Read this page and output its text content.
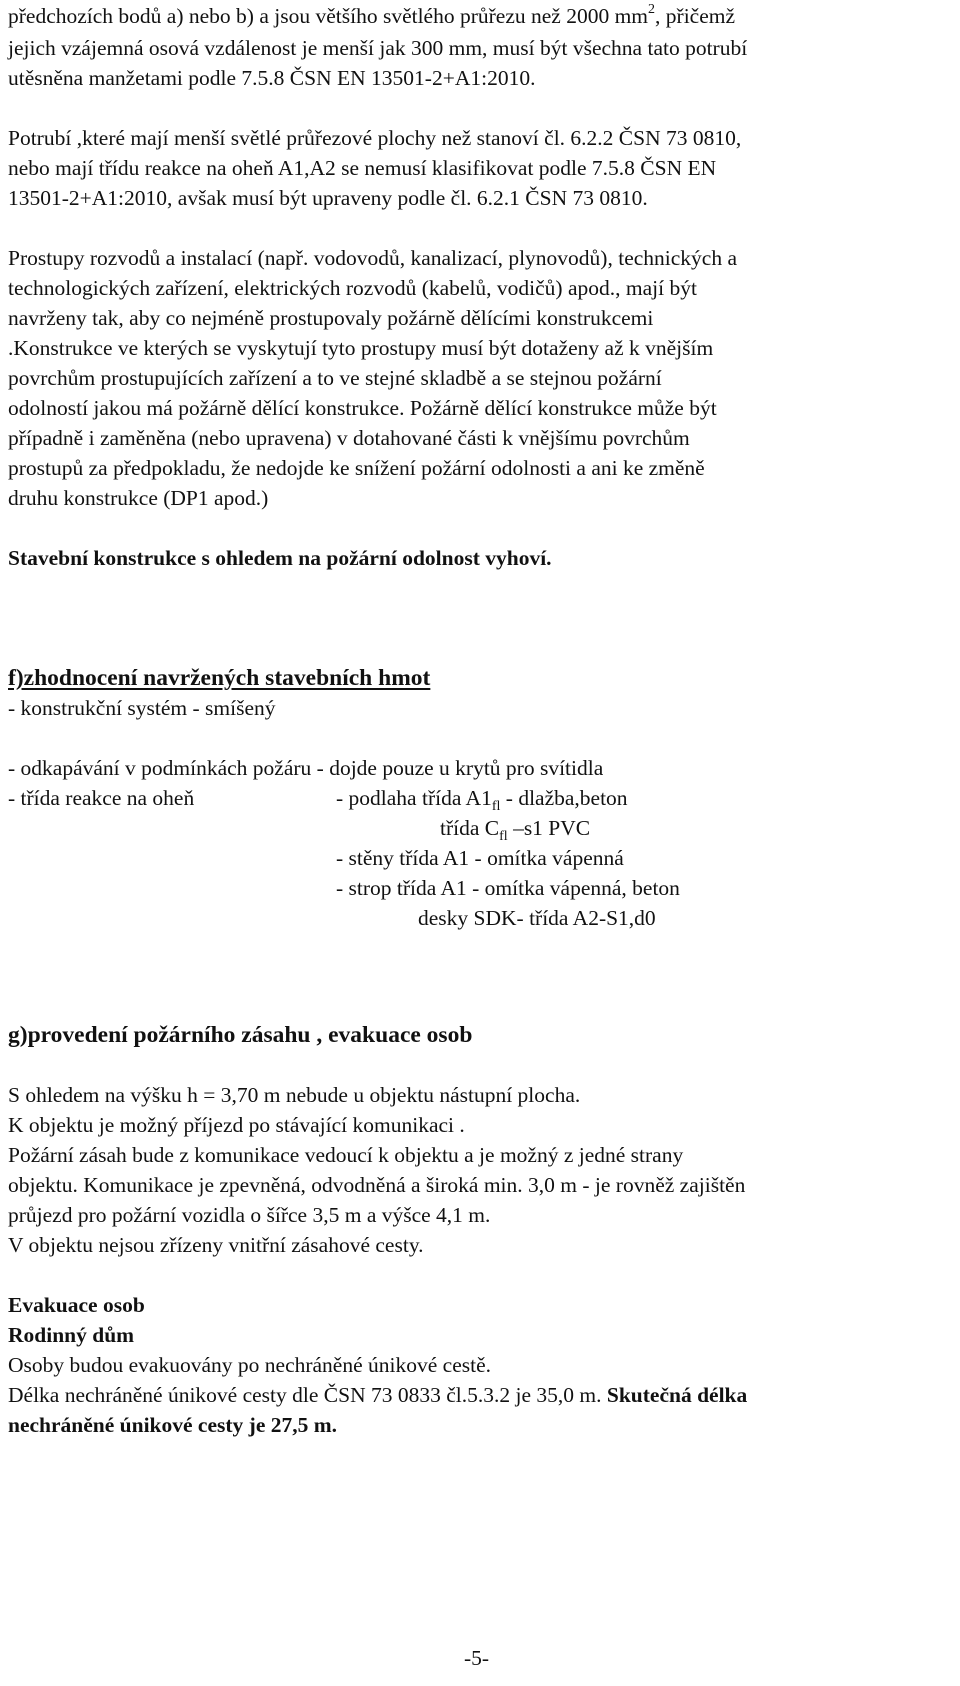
předchozích bodů a) nebo b) a jsou většího světlého průřezu než 2000 $mm^2$, přičemž
jejich vzájemná osová vzdálenost je menší jak 300 mm, musí být všechna tato potrubí
utěsněna manžetami podle 7.5.8 ČSN EN 13501-2+A1:2010.
Potrubí ,které mají menší světlé průřezové plochy než stanoví čl. 6.2.2 ČSN 73 0810,
nebo mají třídu reakce na oheň A1,A2 se nemusí klasifikovat podle 7.5.8 ČSN EN
13501-2+A1:2010, avšak musí být upraveny podle čl. 6.2.1 ČSN 73 0810.
Prostupy rozvodů a instalací (např. vodovodů, kanalizací, plynovodů), technických a
technologických zařízení, elektrických rozvodů (kabelů, vodičů) apod., mají být
navrženy tak, aby co nejméně prostupovaly požárně dělícími konstrukcemi
.Konstrukce ve kterých se vyskytují tyto prostupy musí být dotaženy až k vnějším
povrchům prostupujících zařízení a to ve stejné skladbě a se stejnou požární
odolností jakou má požárně dělící konstrukce. Požárně dělící konstrukce může být
případně i zaměněna (nebo upravena) v dotahované části k vnějšímu povrchům
prostupů za předpokladu, že nedojde ke snížení požární odolnosti a ani ke změně
druhu konstrukce (DP1 apod.)
Stavební konstrukce s ohledem na požární odolnost vyhoví.
f)zhodnocení navržených stavebních hmot
- konstrukční systém - smíšený
- odkapávání v podmínkách požáru - dojde pouze u krytů pro svítidla
- třída reakce na oheň	- podlaha třída $A1_{fl}$ - dlažba,beton
třída $C_{fl}$ –s1 PVC
- stěny třída A1 - omítka vápenná
- strop třída A1 - omítka vápenná, beton
desky SDK- třída A2-S1,d0
g)provedení požárního zásahu , evakuace osob
S ohledem na výšku h = 3,70 m nebude u objektu nástupní plocha.
K objektu je možný příjezd po stávající komunikaci .
Požární zásah bude z komunikace vedoucí k objektu a je možný z jedné strany
objektu. Komunikace je zpevněná, odvodněná a široká min. 3,0 m - je rovněž zajištěn
průjezd pro požární vozidla o šířce 3,5 m a výšce 4,1 m.
V objektu nejsou zřízeny vnitřní zásahové cesty.
Evakuace osob
Rodinný dům
Osoby budou evakuovány po nechráněné únikové cestě.
Délka nechráněné únikové cesty dle ČSN 73 0833 čl.5.3.2 je 35,0 m. Skutečná délka
nechráněné únikové cesty je 27,5 m.
-5-
